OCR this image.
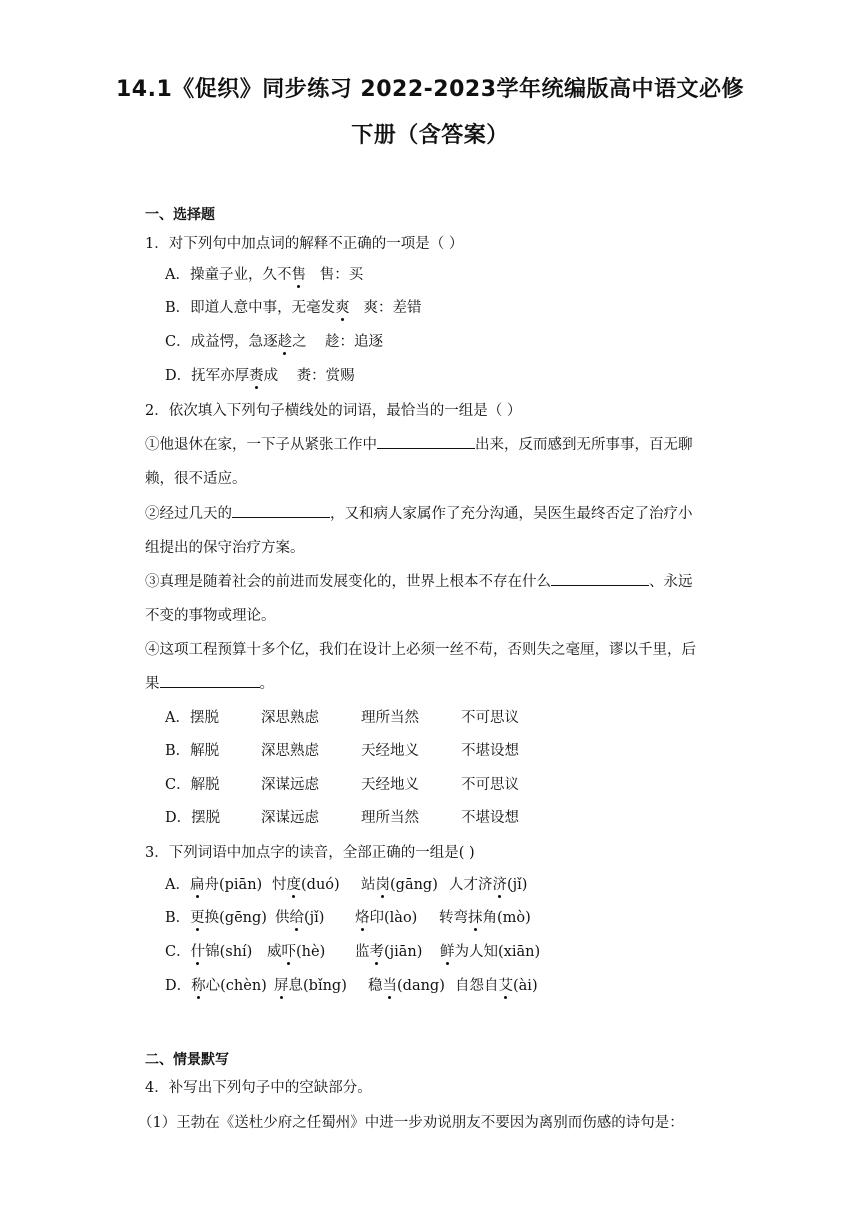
14.1《促织》同步练习 2022-2023学年统编版高中语文必修
下册（含答案）
一、选择题
1．对下列句中加点词的解释不正确的一项是（ ）
A．操童子业，久不售   售：买
B．即道人意中事，无毫发爽   爽：差错
C．成益愕，急逐趁之    趁：追逐
D．抚军亦厚赉成    赉：赏赐
2．依次填入下列句子横线处的词语，最恰当的一组是（ ）
①他退休在家，一下子从紧张工作中	出来，反而感到无所事事，百无聊
赖，很不适应。
②经过几天的	，又和病人家属作了充分沟通，吴医生最终否定了治疗小
组提出的保守治疗方案。
③真理是随着社会的前进而发展变化的，世界上根本不存在什么	、永远
不变的事物或理论。
④这项工程预算十多个亿，我们在设计上必须一丝不苟，否则失之毫厘，谬以千里，后
果	。
A．摆脱	深思熟虑	理所当然	不可思议
B．解脱	深思熟虑	天经地义	不堪设想
C．解脱	深谋远虑	天经地义	不可思议
D．摆脱	深谋远虑	理所当然	不堪设想
3．下列词语中加点字的读音，全部正确的一组是( )
A．扁舟(piān) 忖度(duó) 站岗(gāng) 人才济济(jǐ)
B．更换(gēng) 供给(jǐ) 烙印(lào) 转弯抹角(mò)
C．什锦(shí) 威吓(hè) 监考(jiān) 鲜为人知(xiān)
D．称心(chèn) 屏息(bǐng) 稳当(dang) 自怨自艾(ài)
二、情景默写
4．补写出下列句子中的空缺部分。
（1）王勃在《送杜少府之任蜀州》中进一步劝说朋友不要因为离别而伤感的诗句是：
